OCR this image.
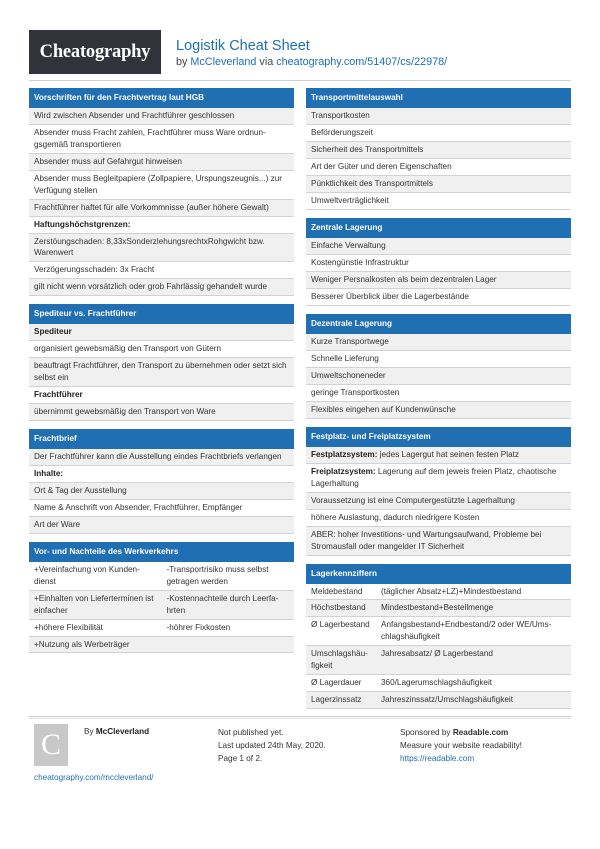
Cheatography	Logistik Cheat Sheet
by McCleverland via cheatography.com/51407/cs/22978/
Vorschriften für den Frachtvertrag laut HGB
Wird zwischen Absender und Frachtführer geschlossen
Absender muss Fracht zahlen, Frachtführer muss Ware ordnungsgemäß transportieren
Absender muss auf Gefahrgut hinweisen
Absender muss Begleitpapiere (Zollpapiere, Urspungszeugnis...) zur Verfügung stellen
Frachtführer haftet für alle Vorkommnisse (außer höhere Gewalt)
Haftungshöchstgrenzen:
Zerstöungschaden: 8,33xSonderzlehungsrechtxRohgwicht bzw. Warenwert
Verzögerungsschaden: 3x Fracht
gilt nicht wenn vorsätzlich oder grob Fahrlässig gehandelt wurde
Spediteur vs. Frachtführer
Spediteur
organisiert gewebsmäßig den Transport von Gütern
beauftragt Frachtführer, den Transport zu übernehmen oder setzt sich selbst ein
Frachtführer
übernimmt gewebsmäßig den Transport von Ware
Frachtbrief
Der Frachtführer kann die Ausstellung eindes Frachtbriefs verlangen
Inhalte:
Ort & Tag der Ausstellung
Name & Anschrift von Absender, Frachtführer, Empfänger
Art der Ware
Vor- und Nachteile des Werkverkehrs
+Vereinfachung von Kundendienst	-Transportrisiko muss selbst getragen werden
+Einhalten von Lieferterminen ist einfacher	-Kostennachteile durch Leerfahrten
+höhere Flexibilität	-höhrer Fixkosten
+Nutzung als Werbeträger	
Transportmittelauswahl
Transportkosten
Beförderungszeit
Sicherheit des Transportmittels
Art der Güter und deren Eigenschaften
Pünktlichkeit des Transportmittels
Umweltverträglichkeit
Zentrale Lagerung
Einfache Verwaltung
Kostengünstie Infrastruktur
Weniger Persnalkosten als beim dezentralen Lager
Besserer Überblick über die Lagerbestände
Dezentrale Lagerung
Kurze Transportwege
Schnelle Lieferung
Umweltschoneneder
geringe Transportkosten
Flexibles eingehen auf Kundenwünsche
Festplatz- und Freiplatzsystem
Festplatzsystem: jedes Lagergut hat seinen festen Platz
Freiplatzsystem: Lagerung auf dem jeweis freien Platz, chaotische Lagerhaltung
Voraussetzung ist eine Computergestützte Lagerhaltung
höhere Auslastung, dadurch niedrigere Kosten
ABER: hoher Investitions- und Wartungsaufwand, Probleme bei Stromausfall oder mangelder IT Sicherheit
Lagerkennziffern
Meldebestand	(täglicher Absatz+LZ)+Mindestbestand
Höchstbestand	Mindestbestand+Bestellmenge
Ø Lagerbestand	Anfangsbestand+Endbestand/2 oder WE/Umschlagshäufigkeit
Umschlagshäufigkeit	Jahresabsatz/ Ø Lagerbestand
Ø Lagerdauer	360/Lagerumschlagshäufigkeit
Lagerzinssatz	Jahreszinssatz/Umschlagshäufigkeit
C	By McCleverland
cheatography.com/mccleverland/
Not published yet.
Last updated 24th May, 2020.
Page 1 of 2.
Sponsored by Readable.com
Measure your website readability!
https://readable.com
